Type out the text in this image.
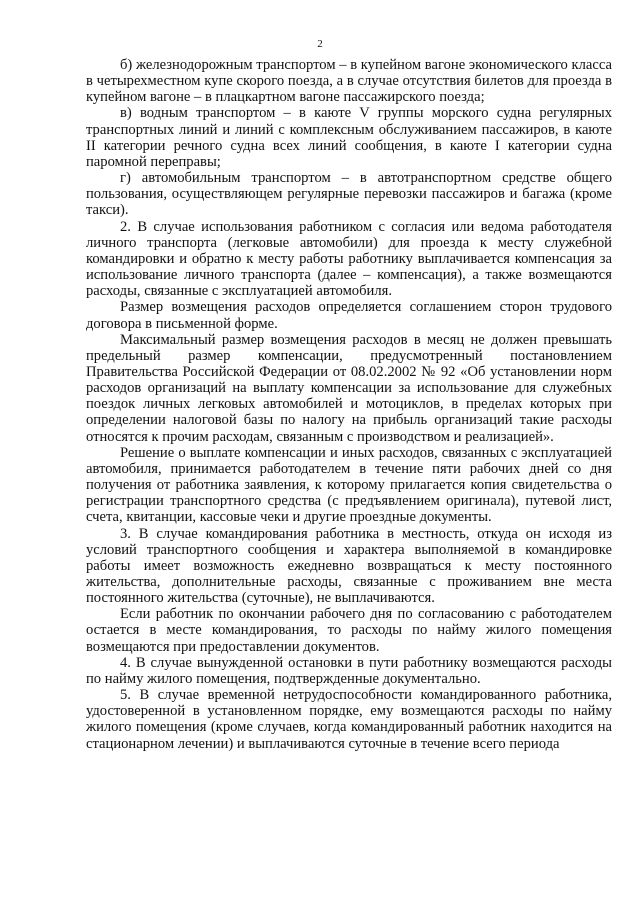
2

б) железнодорожным транспортом – в купейном вагоне экономического класса в четырехместном купе скорого поезда, а в случае отсутствия билетов для проезда в купейном вагоне – в плацкартном вагоне пассажирского поезда;

в) водным транспортом – в каюте V группы морского судна регулярных транспортных линий и линий с комплексным обслуживанием пассажиров, в каюте II категории речного судна всех линий сообщения, в каюте I категории судна паромной переправы;

г) автомобильным транспортом – в автотранспортном средстве общего пользования, осуществляющем регулярные перевозки пассажиров и багажа (кроме такси).

2. В случае использования работником с согласия или ведома работодателя личного транспорта (легковые автомобили) для проезда к месту служебной командировки и обратно к месту работы работнику выплачивается компенсация за использование личного транспорта (далее – компенсация), а также возмещаются расходы, связанные с эксплуатацией автомобиля.

Размер возмещения расходов определяется соглашением сторон трудового договора в письменной форме.

Максимальный размер возмещения расходов в месяц не должен превышать предельный размер компенсации, предусмотренный постановлением Правительства Российской Федерации от 08.02.2002 № 92 «Об установлении норм расходов организаций на выплату компенсации за использование для служебных поездок личных легковых автомобилей и мотоциклов, в пределах которых при определении налоговой базы по налогу на прибыль организаций такие расходы относятся к прочим расходам, связанным с производством и реализацией».

Решение о выплате компенсации и иных расходов, связанных с эксплуатацией автомобиля, принимается работодателем в течение пяти рабочих дней со дня получения от работника заявления, к которому прилагается копия свидетельства о регистрации транспортного средства (с предъявлением оригинала), путевой лист, счета, квитанции, кассовые чеки и другие проездные документы.

3. В случае командирования работника в местность, откуда он исходя из условий транспортного сообщения и характера выполняемой в командировке работы имеет возможность ежедневно возвращаться к месту постоянного жительства, дополнительные расходы, связанные с проживанием вне места постоянного жительства (суточные), не выплачиваются.

Если работник по окончании рабочего дня по согласованию с работодателем остается в месте командирования, то расходы по найму жилого помещения возмещаются при предоставлении документов.

4. В случае вынужденной остановки в пути работнику возмещаются расходы по найму жилого помещения, подтвержденные документально.

5. В случае временной нетрудоспособности командированного работника, удостоверенной в установленном порядке, ему возмещаются расходы по найму жилого помещения (кроме случаев, когда командированный работник находится на стационарном лечении) и выплачиваются суточные в течение всего периода
